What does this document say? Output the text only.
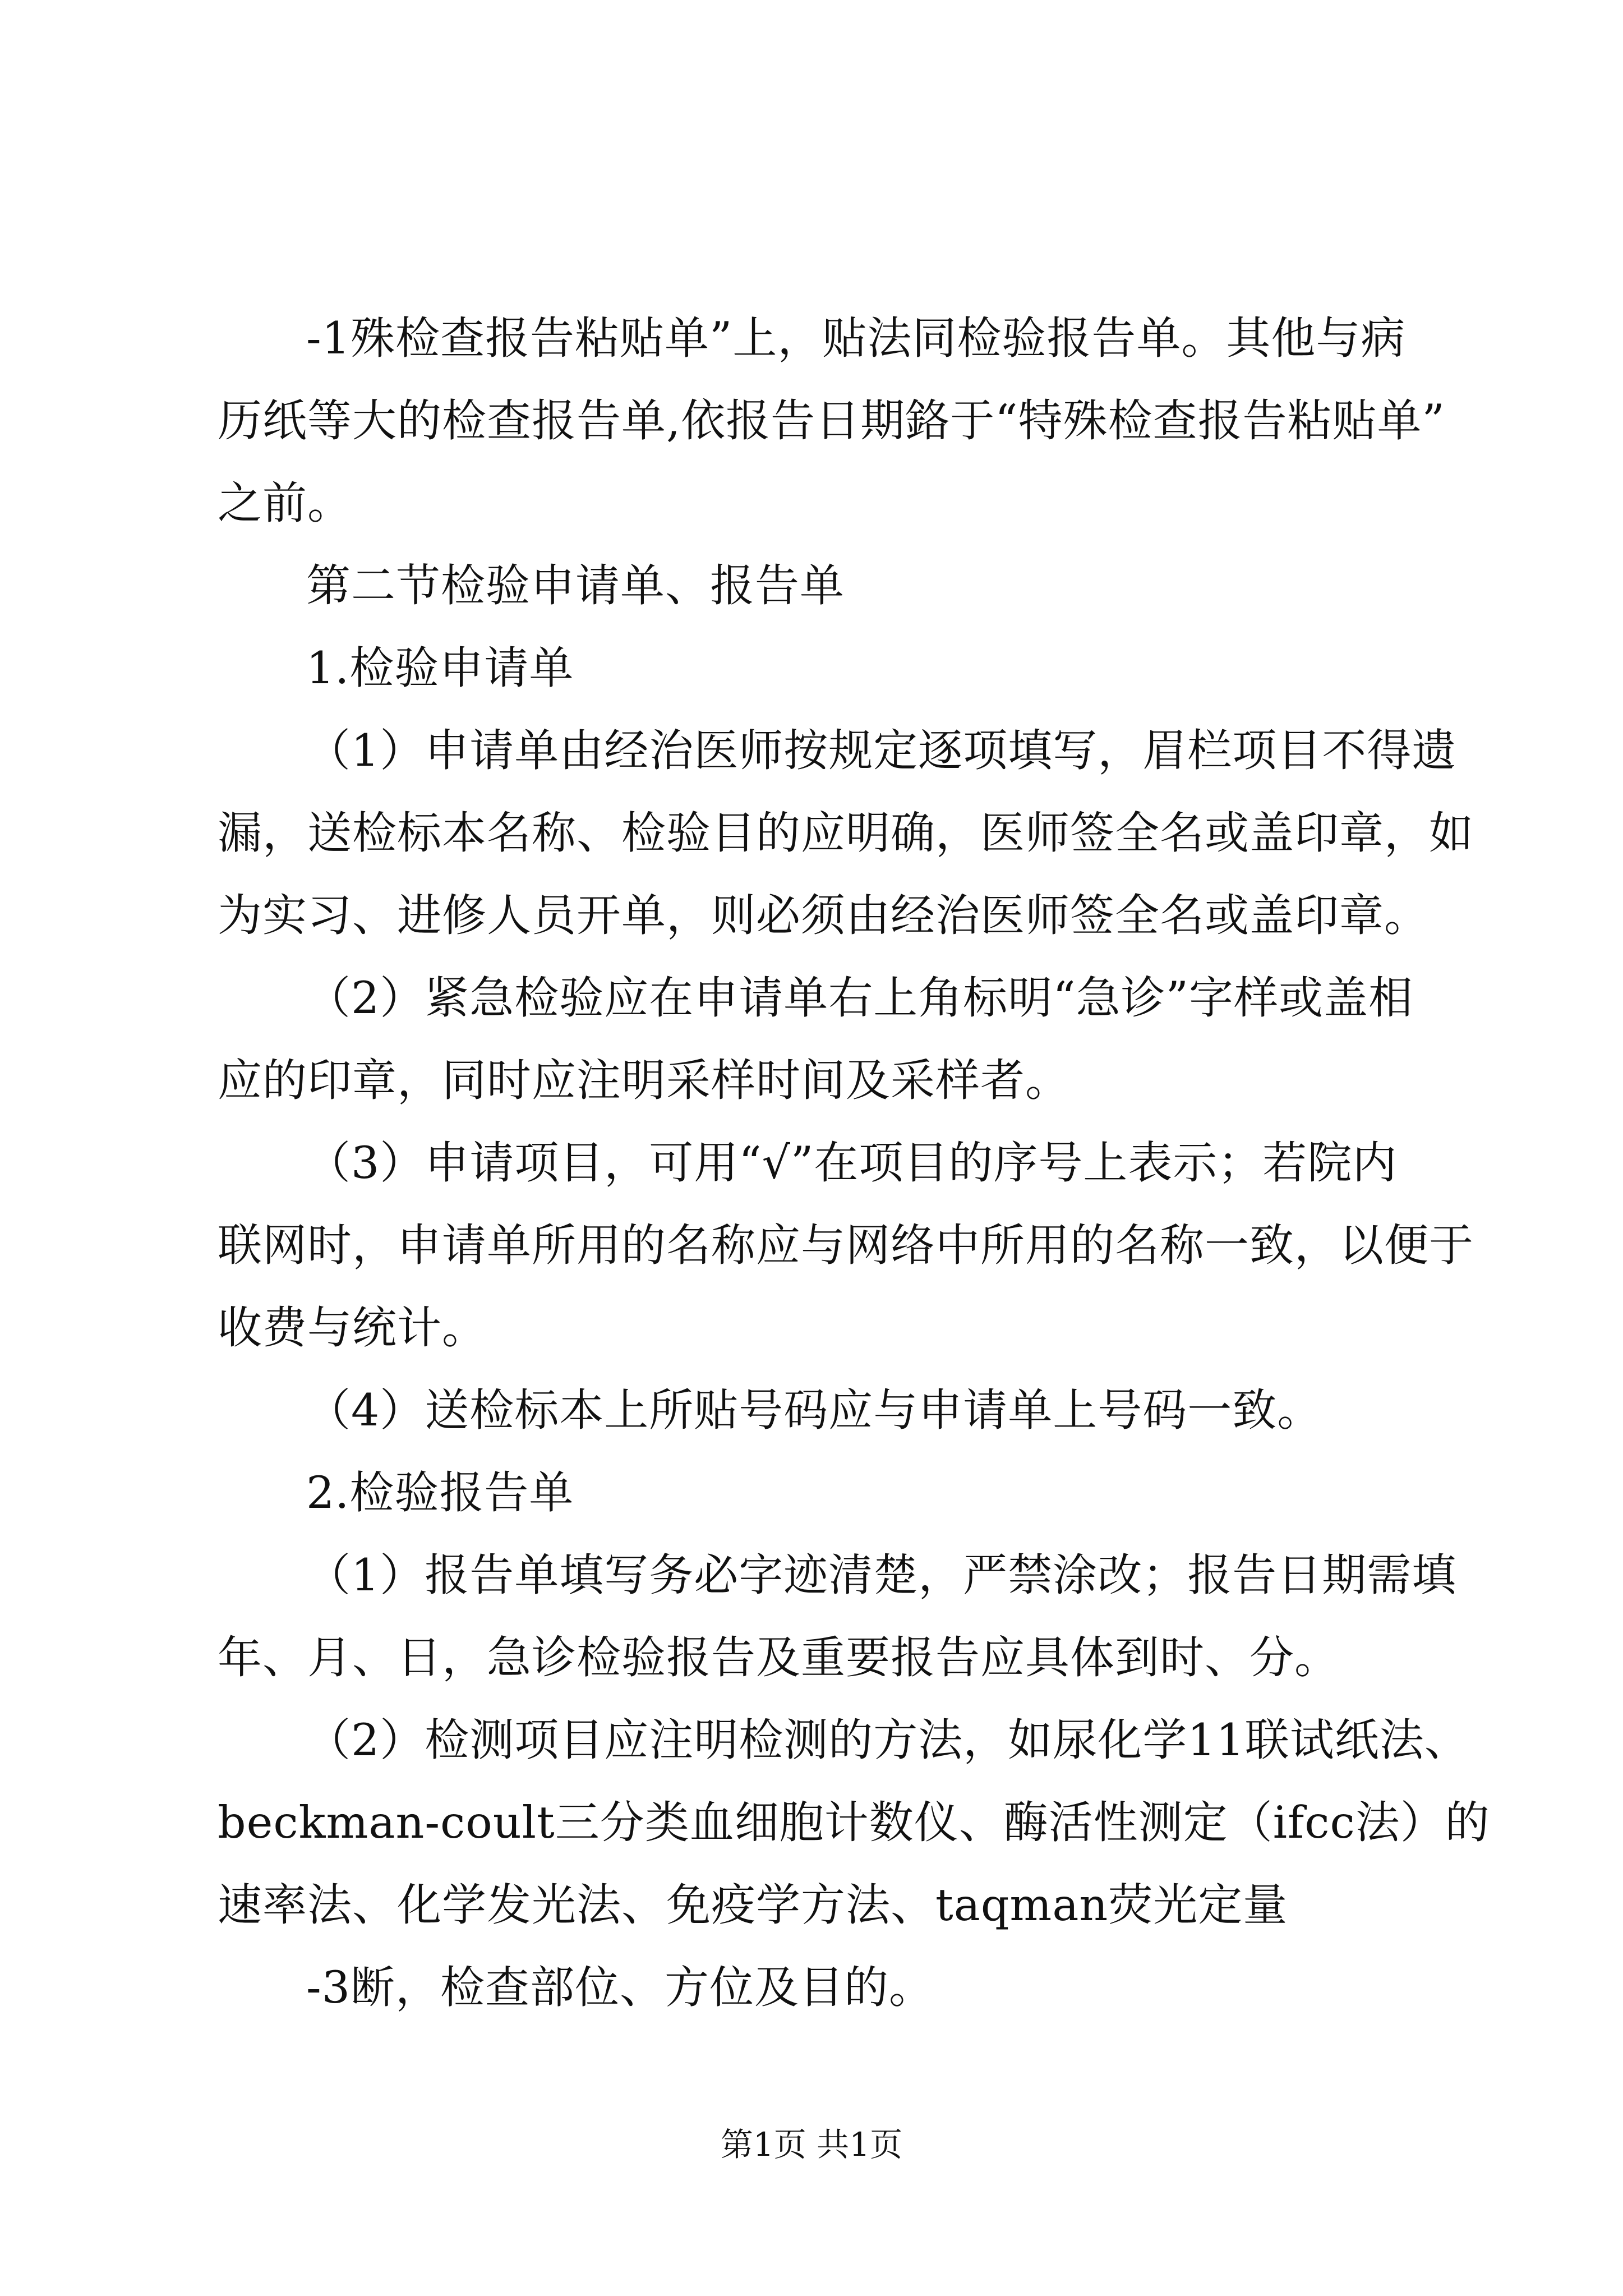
-1殊检查报告粘贴单”上，贴法同检验报告单。其他与病
历纸等大的检查报告单,依报告日期鉻于“特殊检查报告粘贴单”
之前。
第二节检验申请单、报告单
1.检验申请单
（1）申请单由经治医师按规定逐项填写，眉栏项目不得遗
漏，送检标本名称、检验目的应明确，医师签全名或盖印章，如
为实习、进修人员开单，则必须由经治医师签全名或盖印章。
（2）紧急检验应在申请单右上角标明“急诊”字样或盖相
应的印章，同时应注明采样时间及采样者。
（3）申请项目，可用“√”在项目的序号上表示；若院内
联网时，申请单所用的名称应与网络中所用的名称一致，以便于
收费与统计。
（4）送检标本上所贴号码应与申请单上号码一致。
2.检验报告单
（1）报告单填写务必字迹清楚，严禁涂改；报告日期需填
年、月、日，急诊检验报告及重要报告应具体到时、分。
（2）检测项目应注明检测的方法，如尿化学11联试纸法、
beckman-coult三分类血细胞计数仪、酶活性测定（ifcc法）的
速率法、化学发光法、免疫学方法、taqman荧光定量
-3断，检查部位、方位及目的。
第1页 共1页
